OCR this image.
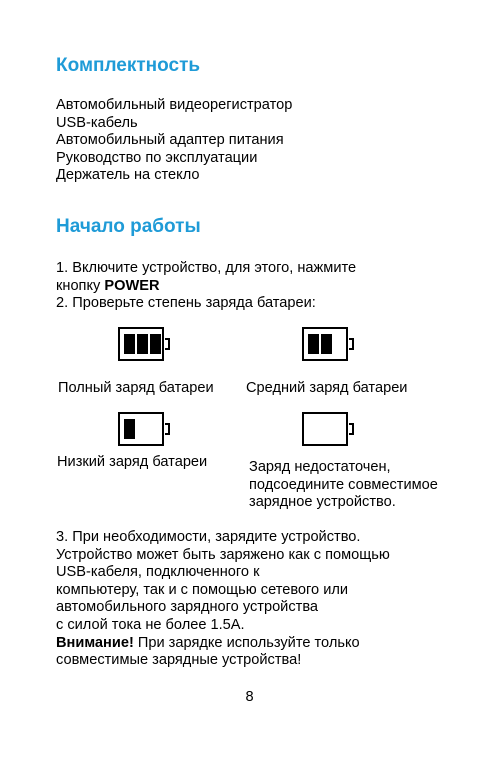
Комплектность
Автомобильный видеорегистратор
USB-кабель
Автомобильный адаптер питания
Руководство по эксплуатации
Держатель на стекло
Начало работы
1. Включите устройство, для этого, нажмите
кнопку POWER
2. Проверьте степень заряда батареи:
Полный заряд батареи Средний заряд батареи
Низкий заряд батареи	Заряд недостаточен,
подсоедините совместимое
зарядное устройство.
3. При необходимости, зарядите устройство.
Устройство может быть заряжено как с помощью
USB-кабеля, подключенного к
компьютеру, так и с помощью сетевого или
автомобильного зарядного устройства
с силой тока не более 1.5A.
Внимание! При зарядке используйте только
совместимые зарядные устройства!
8
